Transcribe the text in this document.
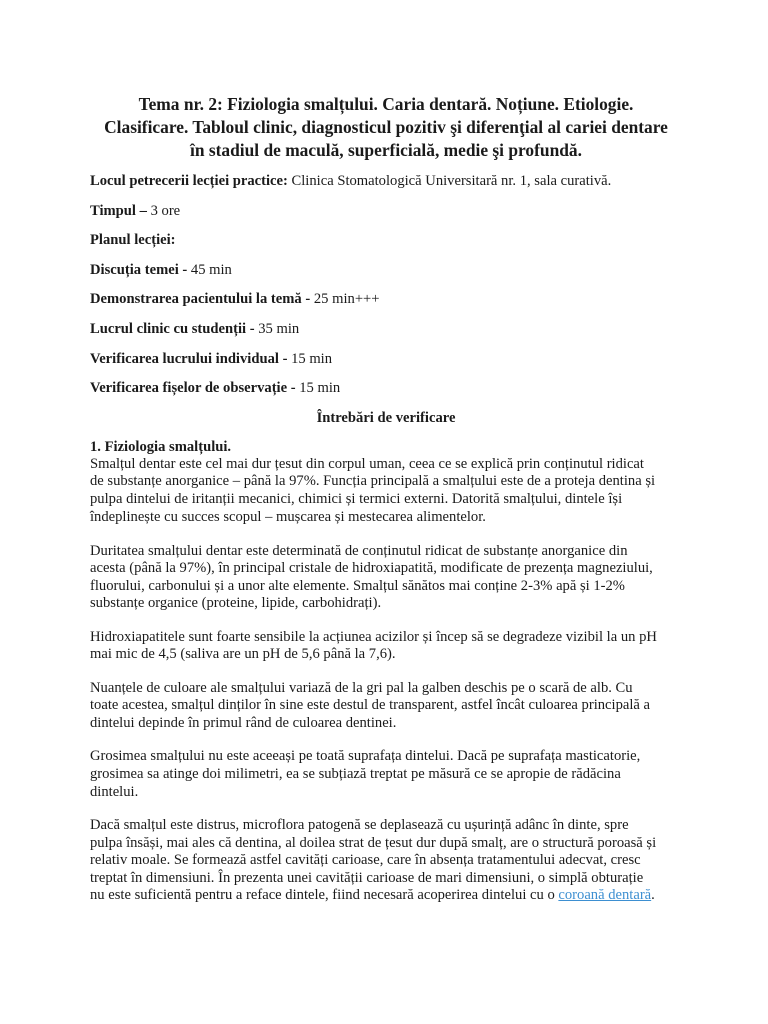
Tema nr. 2: Fiziologia smalțului. Caria dentară. Noțiune. Etiologie.
Clasificare. Tabloul clinic, diagnosticul pozitiv şi diferenţial al cariei dentare
în stadiul de maculă, superficială, medie şi profundă.

Locul petrecerii lecției practice: Clinica Stomatologică Universitară nr. 1, sala curativă.

Timpul – 3 ore

Planul lecției:

Discuția temei - 45 min

Demonstrarea pacientului la temă - 25 min+++

Lucrul clinic cu studenții - 35 min

Verificarea lucrului individual - 15 min

Verificarea fișelor de observație - 15 min

Întrebări de verificare
1. Fiziologia smalțului.

Smalțul dentar este cel mai dur țesut din corpul uman, ceea ce se explică prin conținutul ridicat
de substanțe anorganice – până la 97%. Funcția principală a smalțului este de a proteja dentina și
pulpa dintelui de iritanții mecanici, chimici și termici externi. Datorită smalțului, dintele își
îndeplinește cu succes scopul – mușcarea și mestecarea alimentelor.

Duritatea smalțului dentar este determinată de conținutul ridicat de substanțe anorganice din
acesta (până la 97%), în principal cristale de hidroxiapatită, modificate de prezența magneziului,
fluorului, carbonului și a unor alte elemente. Smalțul sănătos mai conține 2-3% apă și 1-2%
substanțe organice (proteine, lipide, carbohidrați).

Hidroxiapatitele sunt foarte sensibile la acțiunea acizilor și încep să se degradeze vizibil la un pH
mai mic de 4,5 (saliva are un pH de 5,6 până la 7,6).

Nuanțele de culoare ale smalțului variază de la gri pal la galben deschis pe o scară de alb. Cu
toate acestea, smalțul dinților în sine este destul de transparent, astfel încât culoarea principală a
dintelui depinde în primul rând de culoarea dentinei.

Grosimea smalțului nu este aceeași pe toată suprafața dintelui. Dacă pe suprafața masticatorie,
grosimea sa atinge doi milimetri, ea se subțiază treptat pe măsură ce se apropie de rădăcina
dintelui.

Dacă smalțul este distrus, microflora patogenă se deplasează cu ușurință adânc în dinte, spre
pulpa însăși, mai ales că dentina, al doilea strat de țesut dur după smalț, are o structură poroasă și
relativ moale. Se formează astfel cavități carioase, care în absența tratamentului adecvat, cresc
treptat în dimensiuni. În prezenta unei cavității carioase de mari dimensiuni, o simplă obturație
nu este suficientă pentru a reface dintele, fiind necesară acoperirea dintelui cu o coroană dentară.
